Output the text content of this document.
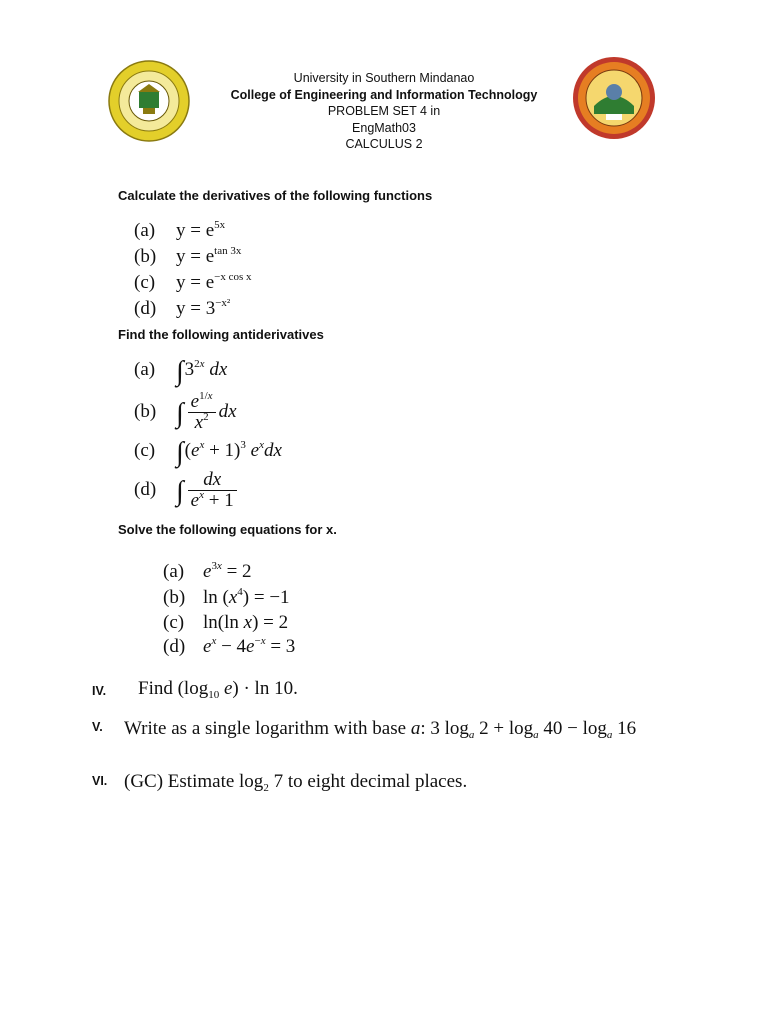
University in Southern Mindanao
College of Engineering and Information Technology
PROBLEM SET 4 in
EngMath03
CALCULUS 2
Calculate the derivatives of the following functions
(a) $y = e^{5x}$
(b) $y = e^{tan 3x}$
(c) $y = e^{-x cos x}$
(d) $y = 3^{-x^2}$
Find the following antiderivatives
(a) $\int 3^{2x}$ dx
(b) ∫ $\frac{e^{1/x}}{x^2}$ dx
(c) $\int(e^x + 1)^3$ $e^xdx$
(d) ∫ $\frac{dx}{e^x + 1}$
Solve the following equations for x.
(a) $e^{3x} = 2$
(b) $\ln (x^4) = -1$
(c) ln(ln x) = 2
(d) $e^x - 4e^{-x} = 3$
IV. Find ($\log_{10}$ e) · ln 10.
V. Write as a single logarithm with base a: 3 $\log_a 2 + \log_a 40 - \log_a 16$
VI. (GC) Estimate $\log_2 7$ to eight decimal places.
